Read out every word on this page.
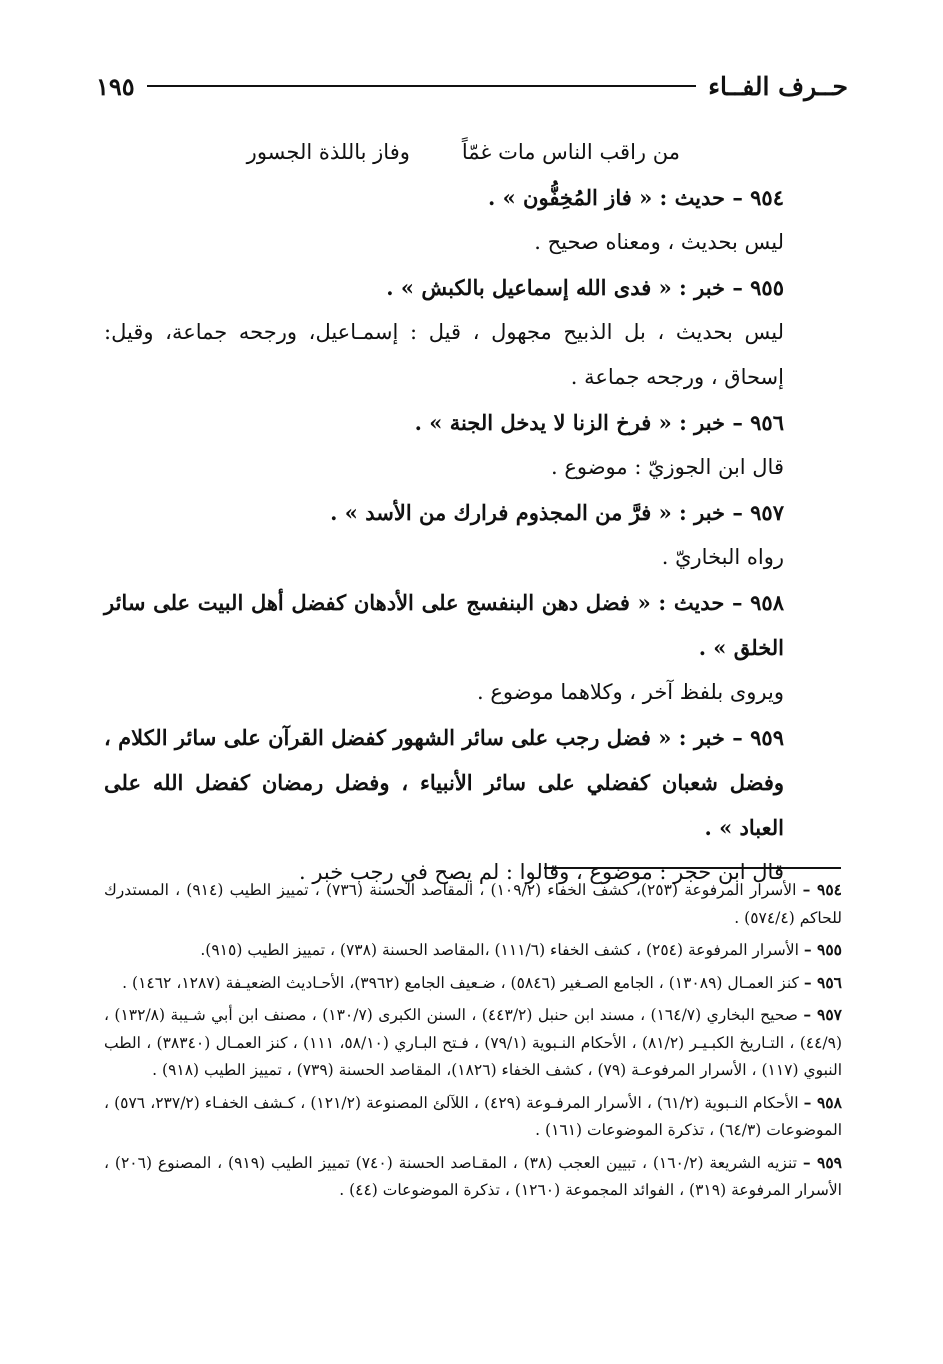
حــرف الفــاء
١٩٥

من راقب الناس مات غمّاًوفاز باللذة الجسور

٩٥٤ – حديث : « فاز المُخِفُّون » .

ليس بحديث ، ومعناه صحيح .

٩٥٥ – خبر : « فدى الله إسماعيل بالكبش » .

ليس بحديث ، بل الذبيح مجهول ، قيل : إسمـاعيل، ورجحه جماعة، وقيل: إسحاق ، ورجحه جماعة .

٩٥٦ – خبر : « فرخ الزنا لا يدخل الجنة » .

قال ابن الجوزيّ : موضوع .

٩٥٧ – خبر : « فرَّ من المجذوم فرارك من الأسد » .

رواه البخاريّ .

٩٥٨ – حديث : « فضل دهن البنفسج على الأدهان كفضل أهل البيت على سائر الخلق » .

ويروى بلفظ آخر ، وكلاهما موضوع .

٩٥٩ – خبر : « فضل رجب على سائر الشهور كفضل القرآن على سائر الكلام ، وفضل شعبان كفضلي على سائر الأنبياء ، وفضل رمضان كفضل الله على العباد » .

قال ابن حجر : موضوع ، وقالوا : لم يصح في رجب خبر .

٩٥٤ – الأسرار المرفوعة (٢٥٣)، كشف الخفاء (١٠٩/٢) ، المقاصد الحسنة (٧٣٦) ، تمييز الطيب (٩١٤) ، المستدرك للحاكم (٥٧٤/٤) .

٩٥٥ – الأسرار المرفوعة (٢٥٤) ، كشف الخفاء (١١١/٦) ،المقاصد الحسنة (٧٣٨) ، تمييز الطيب (٩١٥).

٩٥٦ – كنز العمـال (١٣٠٨٩) ، الجامع الصـغير (٥٨٤٦) ، ضـعيف الجامع (٣٩٦٢)، الأحـاديث الضعيـفة (١٢٨٧، ١٤٦٢) .

٩٥٧ – صحيح البخاري (١٦٤/٧) ، مسند ابن حنبل (٤٤٣/٢) ، السنن الكبرى (١٣٠/٧) ، مصنف ابن أبي شـيبة (١٣٢/٨) ، (٤٤/٩) ، التـاريخ الكبـيـر (٨١/٢) ، الأحكام النـبوية (٧٩/١) ، فـتح البـاري (٥٨/١٠، ١١١) ، كنز العمـال (٣٨٣٤٠) ، الطب النبوي (١١٧) ، الأسرار المرفوعـة (٧٩) ، كشف الخفاء (١٨٢٦)، المقاصد الحسنة (٧٣٩) ، تمييز الطيب (٩١٨) .

٩٥٨ – الأحكام النـبوية (٦١/٢) ، الأسرار المرفـوعة (٤٢٩) ، اللآلئ المصنوعة (١٢١/٢) ، كـشف الخفـاء (٢٣٧/٢، ٥٧٦) ، الموضوعات (٦٤/٣) ، تذكرة الموضوعات (١٦١) .

٩٥٩ – تنزيه الشريعة (١٦٠/٢) ، تبيين العجب (٣٨) ، المقـاصد الحسنة (٧٤٠) تمييز الطيب (٩١٩) ، المصنوع (٢٠٦) ، الأسرار المرفوعة (٣١٩) ، الفوائد المجموعة (١٢٦٠) ، تذكرة الموضوعات (٤٤) .
